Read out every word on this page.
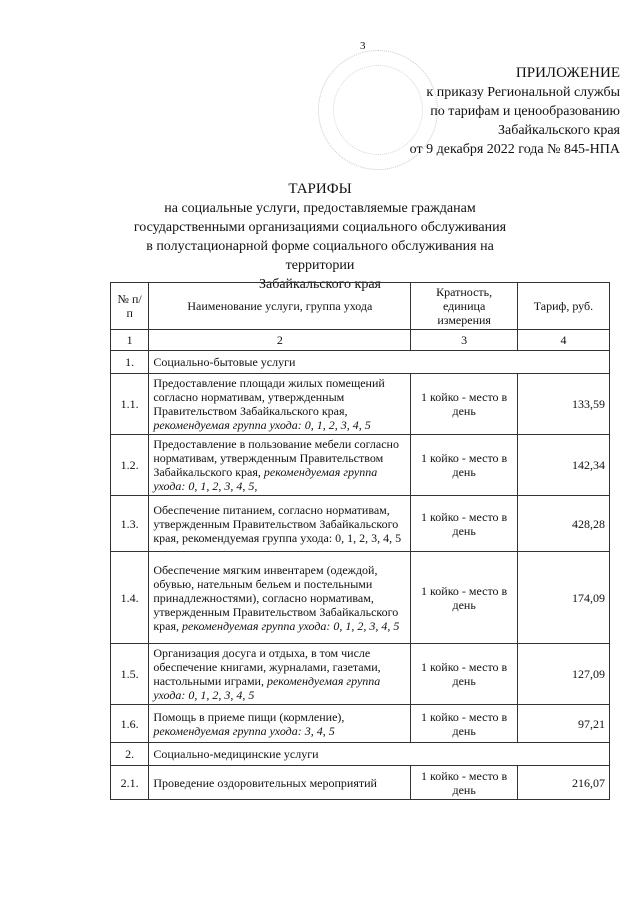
3
ПРИЛОЖЕНИЕ
к приказу Региональной службы
по тарифам и ценообразованию
Забайкальского края
от 9 декабря 2022 года № 845-НПА
ТАРИФЫ
на социальные услуги, предоставляемые гражданам
государственными организациями социального обслуживания
в полустационарной форме социального обслуживания на территории
Забайкальского края
№ п/п	Наименование услуги, группа ухода	Кратность, единица измерения	Тариф, руб.
1	2	3	4
1.	Социально-бытовые услуги		
1.1.	Предоставление площади жилых помещений согласно нормативам, утвержденным Правительством Забайкальского края, рекомендуемая группа ухода: 0, 1, 2, 3, 4, 5	1 койко - место в день	133,59
1.2.	Предоставление в пользование мебели согласно нормативам, утвержденным Правительством Забайкальского края, рекомендуемая группа ухода: 0, 1, 2, 3, 4, 5,	1 койко - место в день	142,34
1.3.	Обеспечение питанием, согласно нормативам, утвержденным Правительством Забайкальского края, рекомендуемая группа ухода: 0, 1, 2, 3, 4, 5	1 койко - место в день	428,28
1.4.	Обеспечение мягким инвентарем (одеждой, обувью, нательным бельем и постельными принадлежностями), согласно нормативам, утвержденным Правительством Забайкальского края, рекомендуемая группа ухода: 0, 1, 2, 3, 4, 5	1 койко - место в день	174,09
1.5.	Организация досуга и отдыха, в том числе обеспечение книгами, журналами, газетами, настольными играми, рекомендуемая группа ухода: 0, 1, 2, 3, 4, 5	1 койко - место в день	127,09
1.6.	Помощь в приеме пищи (кормление), рекомендуемая группа ухода: 3, 4, 5	1 койко - место в день	97,21
2.	Социально-медицинские услуги		
2.1.	Проведение оздоровительных мероприятий	1 койко - место в день	216,07
